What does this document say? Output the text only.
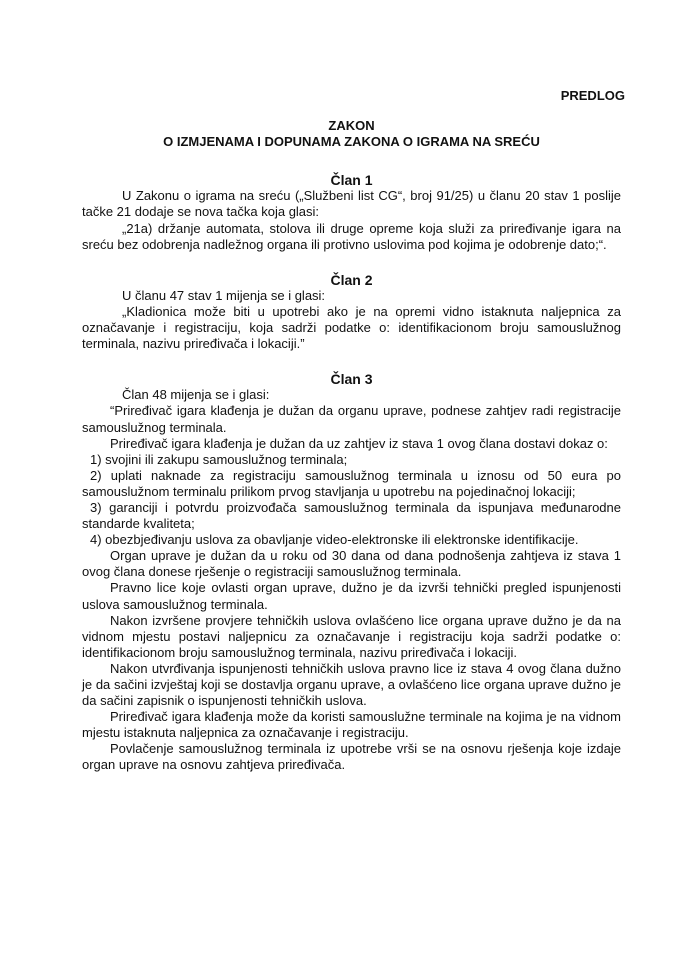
PREDLOG
ZAKON
O IZMJENAMA I DOPUNAMA ZAKONA O IGRAMA NA SREĆU
Član 1

U Zakonu o igrama na sreću („Službeni list CG“, broj 91/25) u članu 20 stav 1 poslije tačke 21 dodaje se nova tačka koja glasi:

„21a) držanje automata, stolova ili druge opreme koja služi za priređivanje igara na sreću bez odobrenja nadležnog organa ili protivno uslovima pod kojima je odobrenje dato;“.

Član 2

U članu 47 stav 1 mijenja se i glasi:

„Kladionica može biti u upotrebi ako je na opremi vidno istaknuta naljepnica za označavanje i registraciju, koja sadrži podatke o: identifikacionom broju samouslužnog terminala, nazivu priređivača i lokaciji.”

Član 3

Član 48 mijenja se i glasi:

“Priređivač igara klađenja je dužan da organu uprave, podnese zahtjev radi registracije samouslužnog terminala.

Priređivač igara klađenja je dužan da uz zahtjev iz stava 1 ovog člana dostavi dokaz o:

1) svojini ili zakupu samouslužnog terminala;
2) uplati naknade za registraciju samouslužnog terminala u iznosu od 50 eura po samouslužnom terminalu prilikom prvog stavljanja u upotrebu na pojedinačnoj lokaciji;
3) garanciji i potvrdu proizvođača samouslužnog terminala da ispunjava međunarodne standarde kvaliteta;
4) obezbjeđivanju uslova za obavljanje video-elektronske ili elektronske identifikacije.

Organ uprave je dužan da u roku od 30 dana od dana podnošenja zahtjeva iz stava 1 ovog člana donese rješenje o registraciji samouslužnog terminala.

Pravno lice koje ovlasti organ uprave, dužno je da izvrši tehnički pregled ispunjenosti uslova samouslužnog terminala.

Nakon izvršene provjere tehničkih uslova ovlašćeno lice organa uprave dužno je da na vidnom mjestu postavi naljepnicu za označavanje i registraciju koja sadrži podatke o: identifikacionom broju samouslužnog terminala, nazivu priređivača i lokaciji.

Nakon utvrđivanja ispunjenosti tehničkih uslova pravno lice iz stava 4 ovog člana dužno je da sačini izvještaj koji se dostavlja organu uprave, a ovlašćeno lice organa uprave dužno je da sačini zapisnik o ispunjenosti tehničkih uslova.

Priređivač igara klađenja može da koristi samouslužne terminale na kojima je na vidnom mjestu istaknuta naljepnica za označavanje i registraciju.

Povlačenje samouslužnog terminala iz upotrebe vrši se na osnovu rješenja koje izdaje organ uprave na osnovu zahtjeva priređivača.
